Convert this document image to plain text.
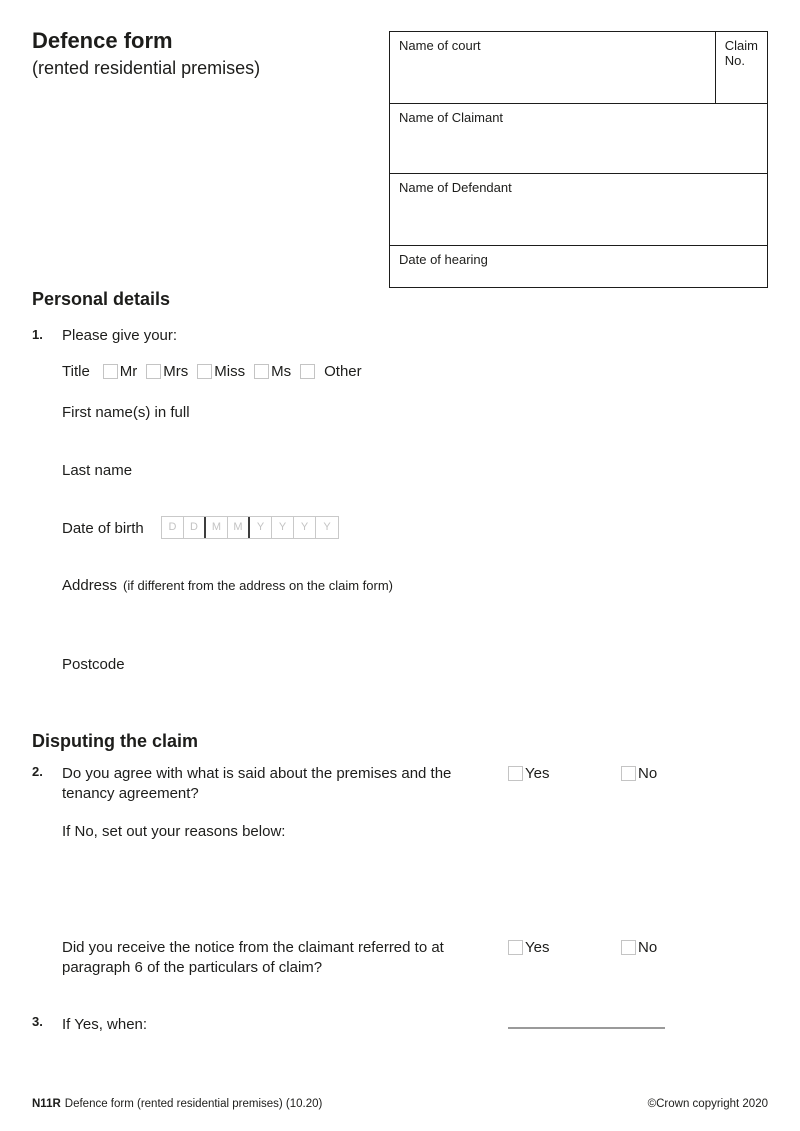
Defence form
(rented residential premises)
Name of court	Claim No.
Name of Claimant
Name of Defendant
Date of hearing
Personal details
1. Please give your:
Title Mr Mrs Miss Ms Other
First name(s) in full
Last name
Date of birth	D	D	M	M	Y	Y	Y	Y
Address (if different from the address on the claim form)
Postcode
Disputing the claim
2. Do you agree with what is said about the premises and the tenancy agreement?
Yes	No
If No, set out your reasons below:
Did you receive the notice from the claimant referred to at paragraph 6 of the particulars of claim?
Yes	No
3. If Yes, when:
N11R Defence form (rented residential premises) (10.20)	©Crown copyright 2020
